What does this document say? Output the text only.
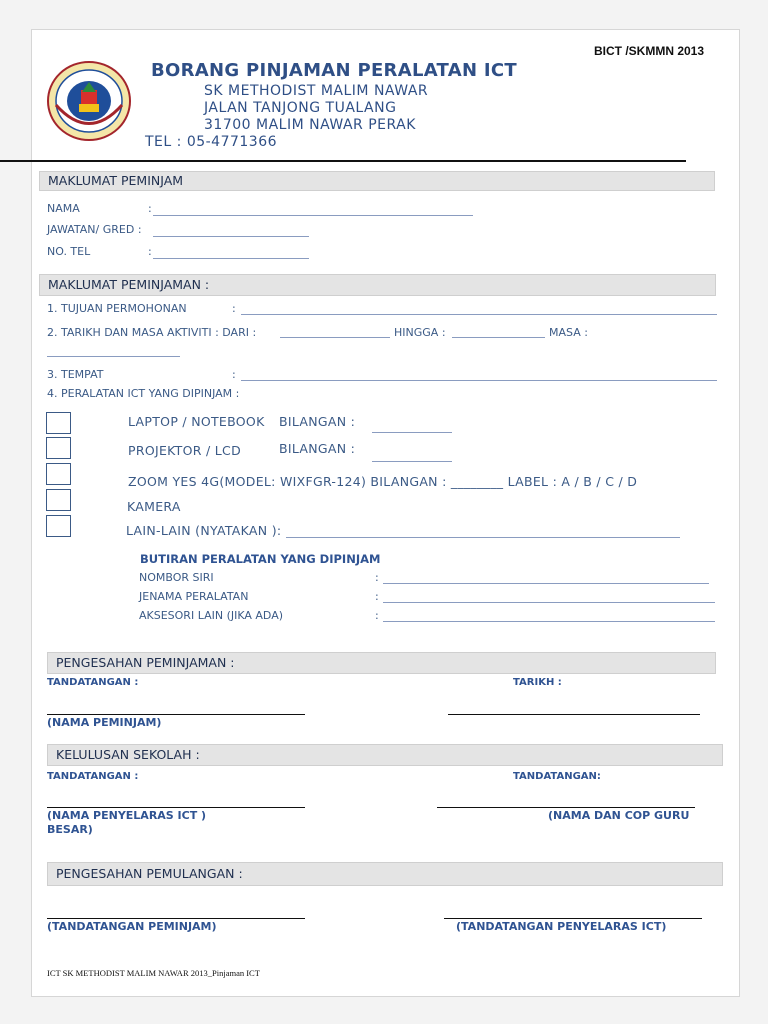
BICT /SKMMN 2013
BORANG PINJAMAN PERALATAN ICT
SK METHODIST MALIM NAWAR
JALAN TANJONG TUALANG
31700 MALIM NAWAR PERAK
TEL : 05-4771366
MAKLUMAT PEMINJAM
NAMA	:
JAWATAN/ GRED :
NO. TEL	:
MAKLUMAT PEMINJAMAN :
1. TUJUAN PERMOHONAN	:
2. TARIKH DAN MASA AKTIVITI : DARI :	HINGGA :	MASA :
3. TEMPAT	:
4. PERALATAN ICT YANG DIPINJAM :
LAPTOP / NOTEBOOK BILANGAN :
PROJEKTOR / LCD	BILANGAN :
ZOOM YES 4G(MODEL: WIXFGR-124) BILANGAN : ________ LABEL : A / B / C / D
KAMERA
LAIN-LAIN (NYATAKAN ):
BUTIRAN PERALATAN YANG DIPINJAM
NOMBOR SIRI	:
JENAMA PERALATAN	:
AKSESORI LAIN (JIKA ADA)	:
PENGESAHAN PEMINJAMAN :
TANDATANGAN :	TARIKH :
(NAMA PEMINJAM)
KELULUSAN SEKOLAH :
TANDATANGAN :	TANDATANGAN:
(NAMA PENYELARAS ICT )	(NAMA DAN COP GURU
BESAR)
PENGESAHAN PEMULANGAN :
(TANDATANGAN PEMINJAM)	(TANDATANGAN PENYELARAS ICT)
ICT SK METHODIST MALIM NAWAR 2013_Pinjaman ICT
